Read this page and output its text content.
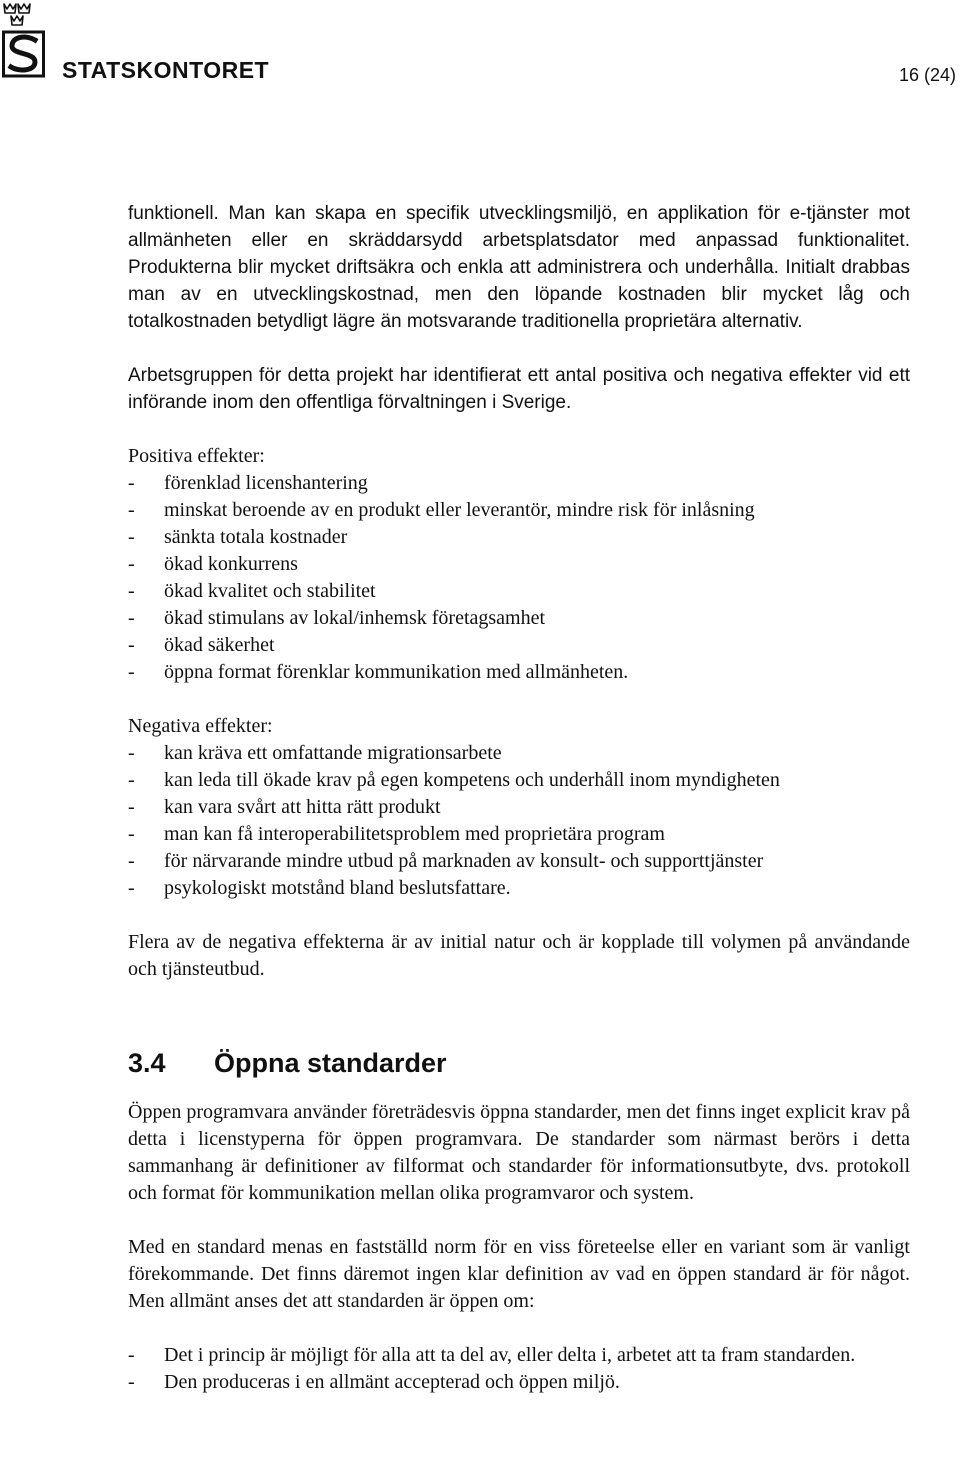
STATSKONTORET	16 (24)

funktionell. Man kan skapa en specifik utvecklingsmiljö, en applikation för e-tjänster mot allmänheten eller en skräddarsydd arbetsplatsdator med anpassad funktionalitet. Produkterna blir mycket driftsäkra och enkla att administrera och underhålla. Initialt drabbas man av en utvecklingskostnad, men den löpande kostnaden blir mycket låg och totalkostnaden betydligt lägre än motsvarande traditionella proprietära alternativ.

Arbetsgruppen för detta projekt har identifierat ett antal positiva och negativa effekter vid ett införande inom den offentliga förvaltningen i Sverige.

Positiva effekter:

- förenklad licenshantering
- minskat beroende av en produkt eller leverantör, mindre risk för inlåsning
- sänkta totala kostnader
- ökad konkurrens
- ökad kvalitet och stabilitet
- ökad stimulans av lokal/inhemsk företagsamhet
- ökad säkerhet
- öppna format förenklar kommunikation med allmänheten.

Negativa effekter:

- kan kräva ett omfattande migrationsarbete
- kan leda till ökade krav på egen kompetens och underhåll inom myndigheten
- kan vara svårt att hitta rätt produkt
- man kan få interoperabilitetsproblem med proprietära program
- för närvarande mindre utbud på marknaden av konsult- och supporttjänster
- psykologiskt motstånd bland beslutsfattare.

Flera av de negativa effekterna är av initial natur och är kopplade till volymen på användande och tjänsteutbud.

3.4 Öppna standarder

Öppen programvara använder företrädesvis öppna standarder, men det finns inget explicit krav på detta i licenstyperna för öppen programvara. De standarder som närmast berörs i detta sammanhang är definitioner av filformat och standarder för informationsutbyte, dvs. protokoll och format för kommunikation mellan olika programvaror och system.

Med en standard menas en fastställd norm för en viss företeelse eller en variant som är vanligt förekommande. Det finns däremot ingen klar definition av vad en öppen standard är för något. Men allmänt anses det att standarden är öppen om:

- Det i princip är möjligt för alla att ta del av, eller delta i, arbetet att ta fram standarden.
- Den produceras i en allmänt accepterad och öppen miljö.
